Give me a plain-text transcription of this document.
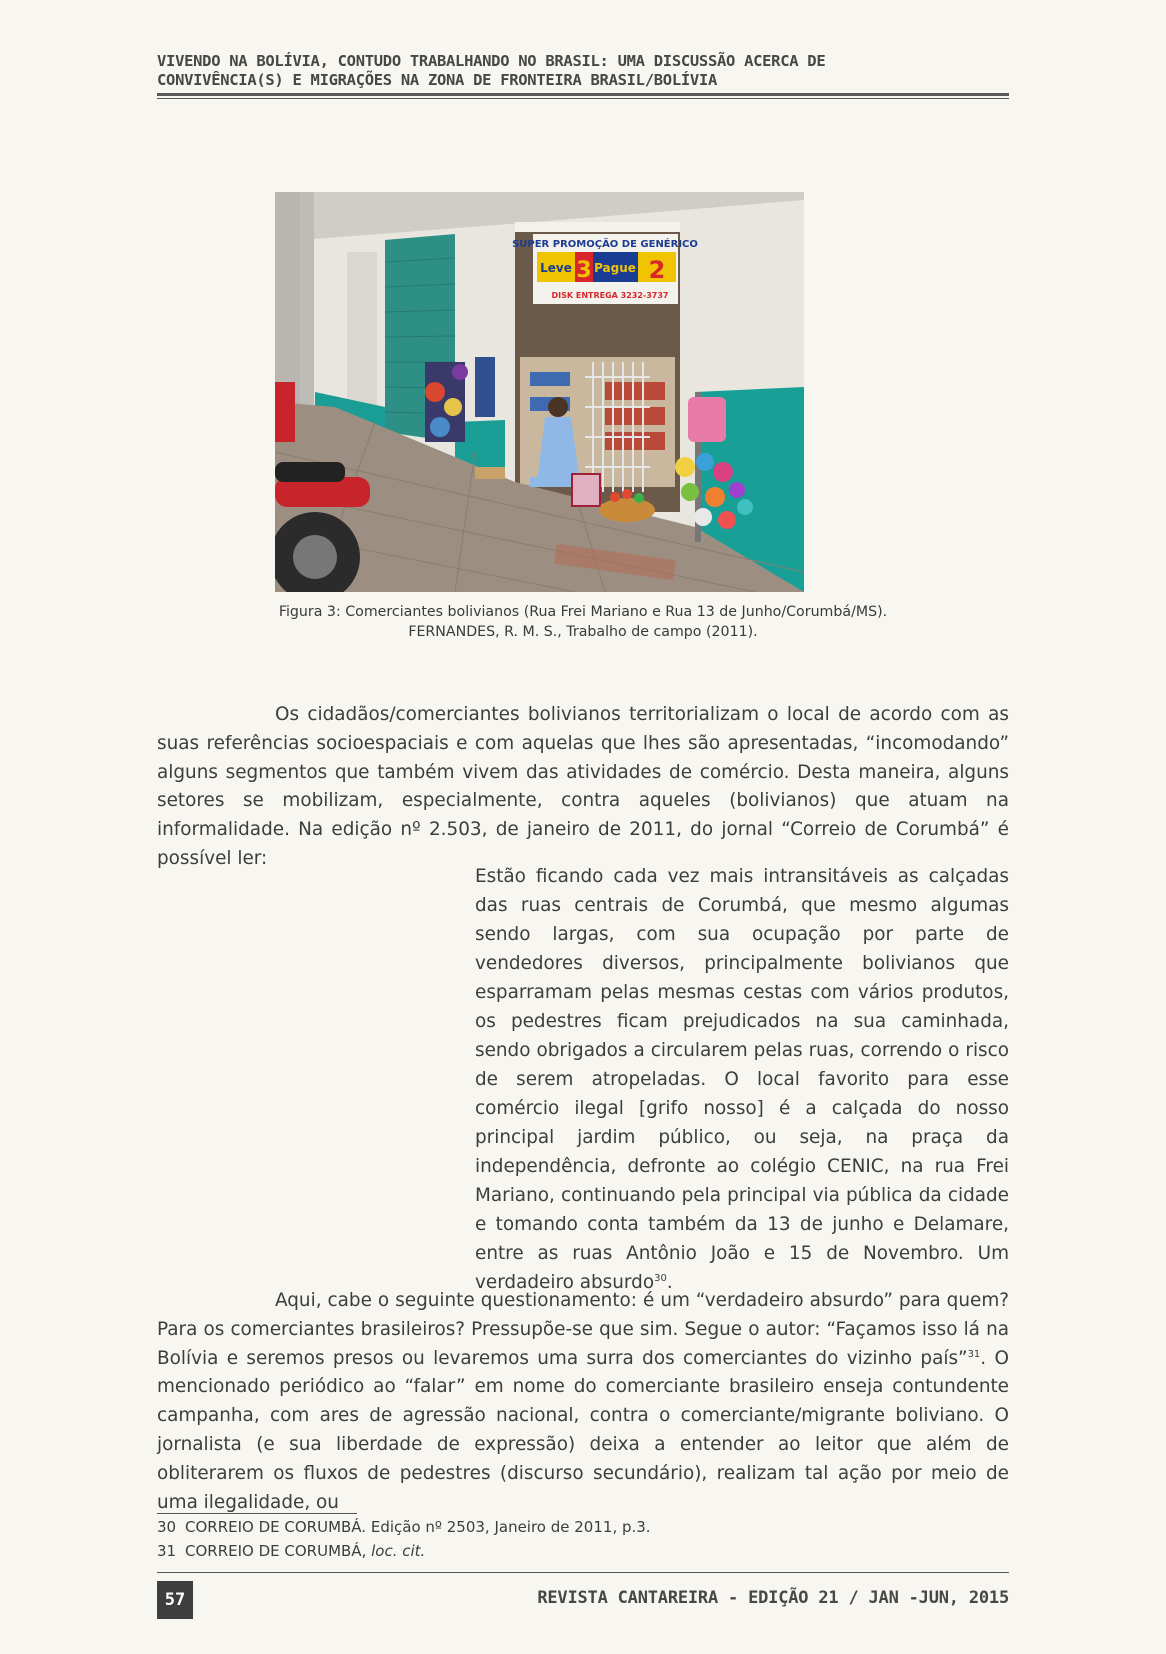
VIVENDO NA BOLÍVIA, CONTUDO TRABALHANDO NO BRASIL: UMA DISCUSSÃO ACERCA DE
CONVIVÊNCIA(S) E MIGRAÇÕES NA ZONA DE FRONTEIRA BRASIL/BOLÍVIA
SUPER PROMOÇÃO DE GENÉRICO
Leve 3 Pague 2
DISK ENTREGA 3232-3737
Figura 3: Comerciantes bolivianos (Rua Frei Mariano e Rua 13 de Junho/Corumbá/MS).
FERNANDES, R. M. S., Trabalho de campo (2011).

Os cidadãos/comerciantes bolivianos territorializam o local de acordo com as suas referências socioespaciais e com aquelas que lhes são apresentadas, “incomodando” alguns segmentos que também vivem das atividades de comércio. Desta maneira, alguns setores se mobilizam, especialmente, contra aqueles (bolivianos) que atuam na informalidade. Na edição nº 2.503, de janeiro de 2011, do jornal “Correio de Corumbá” é possível ler:

Estão ficando cada vez mais intransitáveis as calçadas das ruas centrais de Corumbá, que mesmo algumas sendo largas, com sua ocupação por parte de vendedores diversos, principalmente bolivianos que esparramam pelas mesmas cestas com vários produtos, os pedestres ficam prejudicados na sua caminhada, sendo obrigados a circularem pelas ruas, correndo o risco de serem atropeladas. O local favorito para esse comércio ilegal [grifo nosso] é a calçada do nosso principal jardim público, ou seja, na praça da independência, defronte ao colégio CENIC, na rua Frei Mariano, continuando pela principal via pública da cidade e tomando conta também da 13 de junho e Delamare, entre as ruas Antônio João e 15 de Novembro. Um verdadeiro absurdo$^{30}$.

Aqui, cabe o seguinte questionamento: é um “verdadeiro absurdo” para quem? Para os comerciantes brasileiros? Pressupõe-se que sim. Segue o autor: “Façamos isso lá na Bolívia e seremos presos ou levaremos uma surra dos comerciantes do vizinho país”$^{31}$. O mencionado periódico ao “falar” em nome do comerciante brasileiro enseja contundente campanha, com ares de agressão nacional, contra o comerciante/migrante boliviano. O jornalista (e sua liberdade de expressão) deixa a entender ao leitor que além de obliterarem os fluxos de pedestres (discurso secundário), realizam tal ação por meio de uma ilegalidade, ou

30 CORREIO DE CORUMBÁ. Edição nº 2503, Janeiro de 2011, p.3.
31 CORREIO DE CORUMBÁ, loc. cit.
57	REVISTA CANTAREIRA - EDIÇÃO 21 / JAN -JUN, 2015
